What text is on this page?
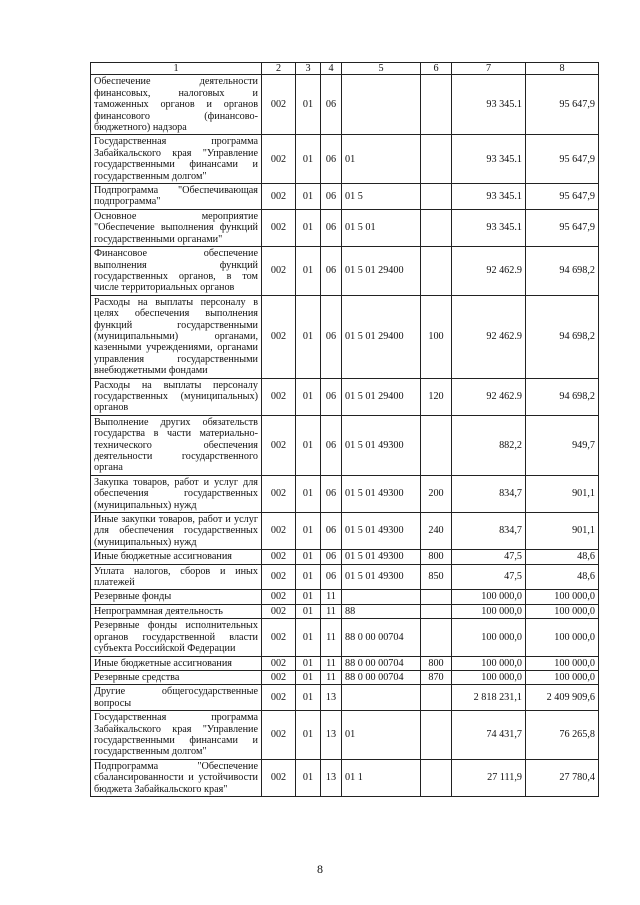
1	2	3	4	5	6	7	8
Обеспечение деятельности финансовых, налоговых и таможенных органов и органов финансового (финансово-бюджетного) надзора	002	01	06			93 345.1	95 647,9
Государственная программа Забайкальского края "Управление государственными финансами и государственным долгом"	002	01	06	01		93 345.1	95 647,9
Подпрограмма "Обеспечивающая подпрограмма"	002	01	06	01 5		93 345.1	95 647,9
Основное мероприятие "Обеспечение выполнения функций государственными органами"	002	01	06	01 5 01		93 345.1	95 647,9
Финансовое обеспечение выполнения функций государственных органов, в том числе территориальных органов	002	01	06	01 5 01 29400		92 462.9	94 698,2
Расходы на выплаты персоналу в целях обеспечения выполнения функций государственными (муниципальными) органами, казенными учреждениями, органами управления государственными внебюджетными фондами	002	01	06	01 5 01 29400	100	92 462.9	94 698,2
Расходы на выплаты персоналу государственных (муниципальных) органов	002	01	06	01 5 01 29400	120	92 462.9	94 698,2
Выполнение других обязательств государства в части материально-технического обеспечения деятельности государственного органа	002	01	06	01 5 01 49300		882,2	949,7
Закупка товаров, работ и услуг для обеспечения государственных (муниципальных) нужд	002	01	06	01 5 01 49300	200	834,7	901,1
Иные закупки товаров, работ и услуг для обеспечения государственных (муниципальных) нужд	002	01	06	01 5 01 49300	240	834,7	901,1
Иные бюджетные ассигнования	002	01	06	01 5 01 49300	800	47,5	48,6
Уплата налогов, сборов и иных платежей	002	01	06	01 5 01 49300	850	47,5	48,6
Резервные фонды	002	01	11			100 000,0	100 000,0
Непрограммная деятельность	002	01	11	88		100 000,0	100 000,0
Резервные фонды исполнительных органов государственной власти субъекта Российской Федерации	002	01	11	88 0 00 00704		100 000,0	100 000,0
Иные бюджетные ассигнования	002	01	11	88 0 00 00704	800	100 000,0	100 000,0
Резервные средства	002	01	11	88 0 00 00704	870	100 000,0	100 000,0
Другие общегосударственные вопросы	002	01	13			2 818 231,1	2 409 909,6
Государственная программа Забайкальского края "Управление государственными финансами и государственным долгом"	002	01	13	01		74 431,7	76 265,8
Подпрограмма "Обеспечение сбалансированности и устойчивости бюджета Забайкальского края"	002	01	13	01 1		27 111,9	27 780,4
8
